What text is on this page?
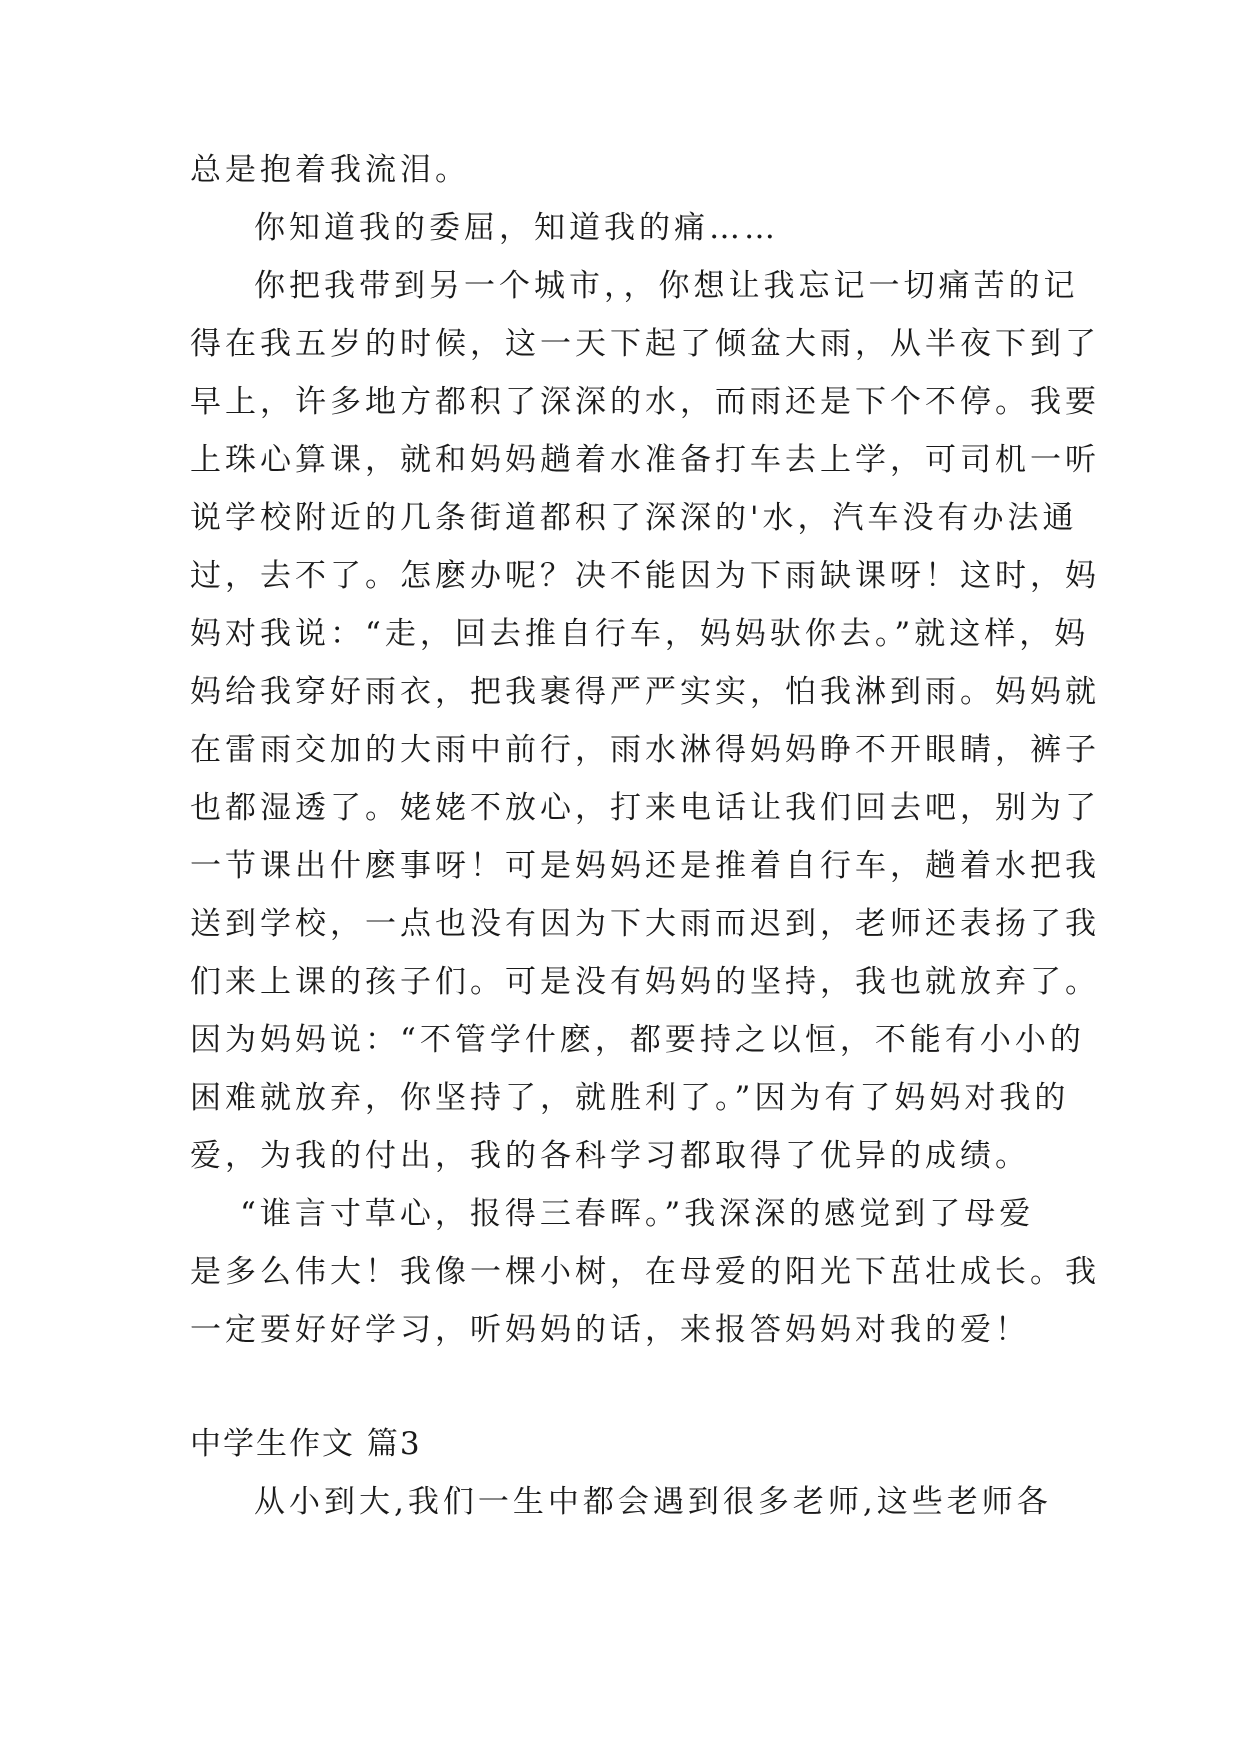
总是抱着我流泪。
你知道我的委屈，知道我的痛……
你把我带到另一个城市，，你想让我忘记一切痛苦的记
得在我五岁的时候，这一天下起了倾盆大雨，从半夜下到了
早上，许多地方都积了深深的水，而雨还是下个不停。我要
上珠心算课，就和妈妈趟着水准备打车去上学，可司机一听
说学校附近的几条街道都积了深深的'水，汽车没有办法通
过，去不了。怎麽办呢？决不能因为下雨缺课呀！这时，妈
妈对我说：“走，回去推自行车，妈妈驮你去。”就这样，妈
妈给我穿好雨衣，把我裹得严严实实，怕我淋到雨。妈妈就
在雷雨交加的大雨中前行，雨水淋得妈妈睁不开眼睛，裤子
也都湿透了。姥姥不放心，打来电话让我们回去吧，别为了
一节课出什麽事呀！可是妈妈还是推着自行车，趟着水把我
送到学校，一点也没有因为下大雨而迟到，老师还表扬了我
们来上课的孩子们。可是没有妈妈的坚持，我也就放弃了。
因为妈妈说：“不管学什麽，都要持之以恒，不能有小小的
困难就放弃，你坚持了，就胜利了。”因为有了妈妈对我的
爱，为我的付出，我的各科学习都取得了优异的成绩。
“谁言寸草心，报得三春晖。”我深深的感觉到了母爱
是多么伟大！我像一棵小树，在母爱的阳光下茁壮成长。我
一定要好好学习，听妈妈的话，来报答妈妈对我的爱！
中学生作文 篇3
从小到大,我们一生中都会遇到很多老师,这些老师各
